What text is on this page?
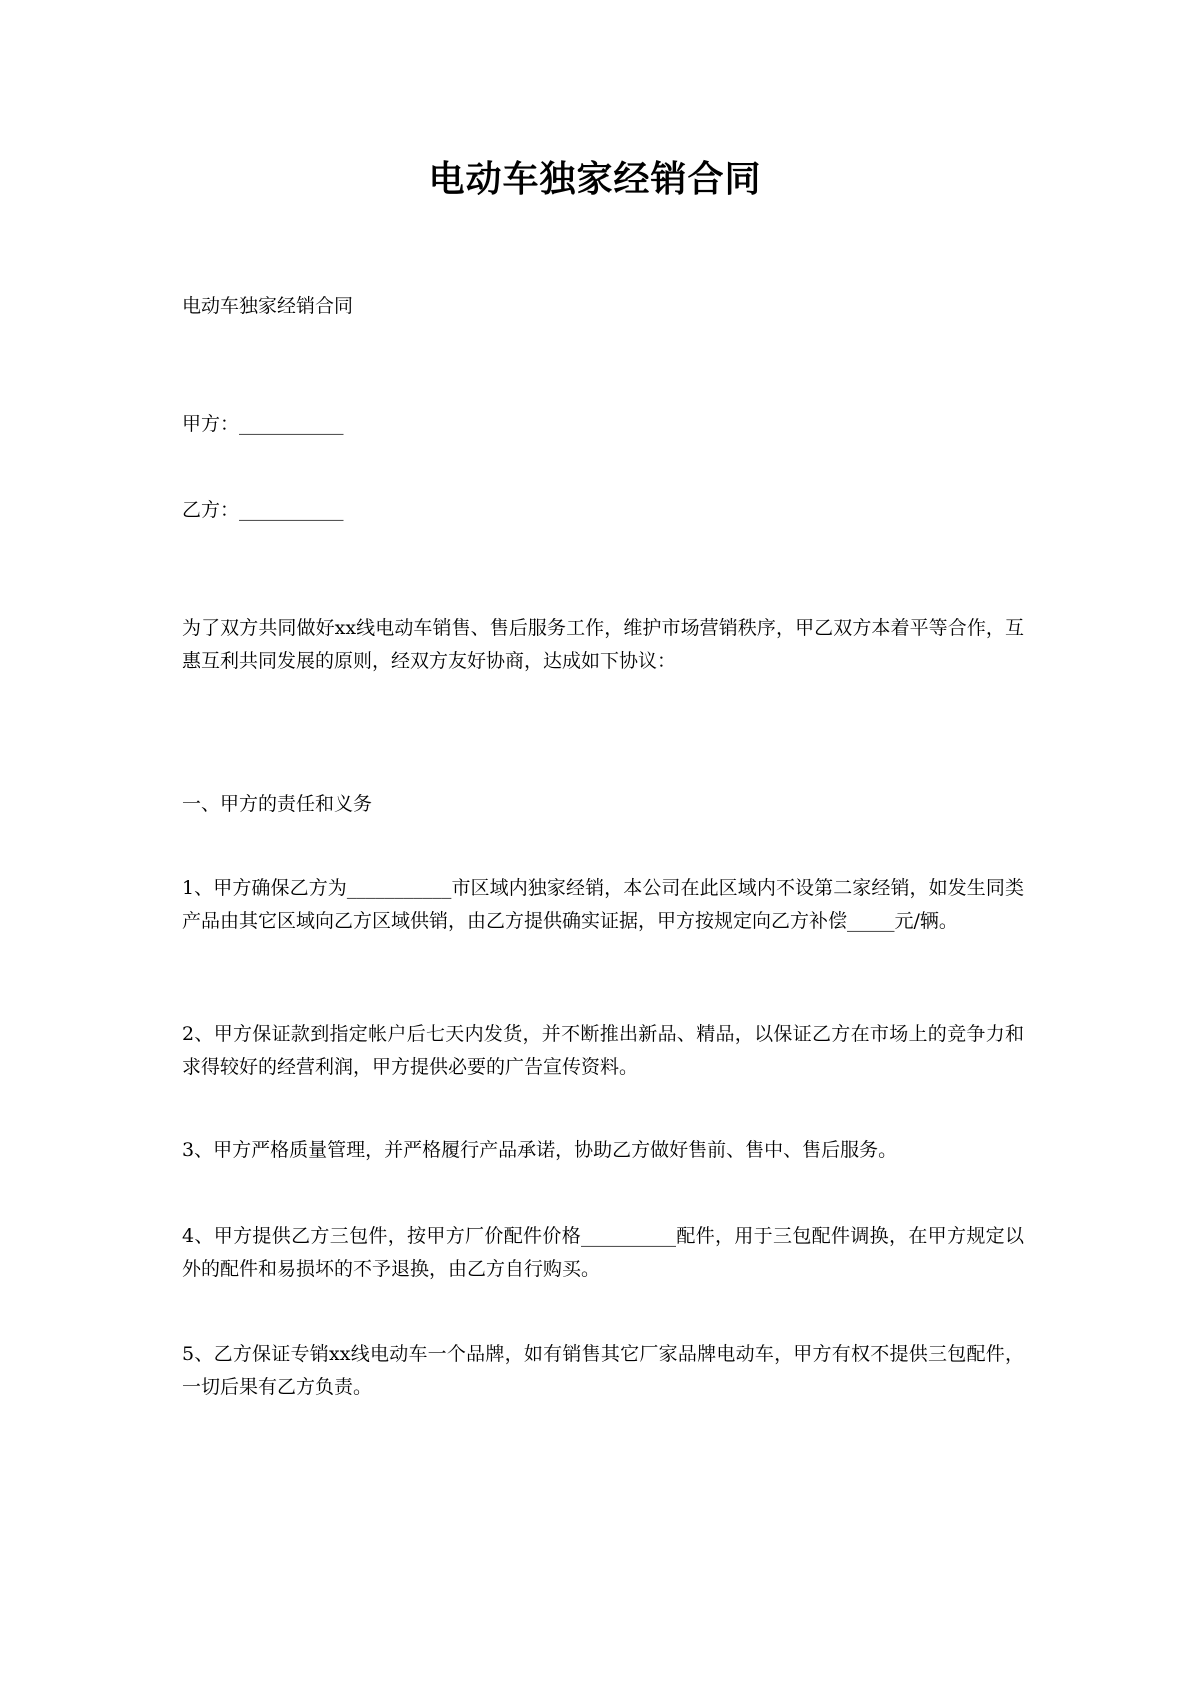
电动车独家经销合同
电动车独家经销合同
甲方：___________
乙方：___________
为了双方共同做好xx线电动车销售、售后服务工作，维护市场营销秩序，甲乙双方本着平等合作，互惠互利共同发展的原则，经双方友好协商，达成如下协议：
一、甲方的责任和义务
1、甲方确保乙方为___________市区域内独家经销，本公司在此区域内不设第二家经销，如发生同类产品由其它区域向乙方区域供销，由乙方提供确实证据，甲方按规定向乙方补偿_____元/辆。
2、甲方保证款到指定帐户后七天内发货，并不断推出新品、精品，以保证乙方在市场上的竞争力和求得较好的经营利润，甲方提供必要的广告宣传资料。
3、甲方严格质量管理，并严格履行产品承诺，协助乙方做好售前、售中、售后服务。
4、甲方提供乙方三包件，按甲方厂价配件价格__________配件，用于三包配件调换，在甲方规定以外的配件和易损坏的不予退换，由乙方自行购买。
5、乙方保证专销xx线电动车一个品牌，如有销售其它厂家品牌电动车，甲方有权不提供三包配件，一切后果有乙方负责。
